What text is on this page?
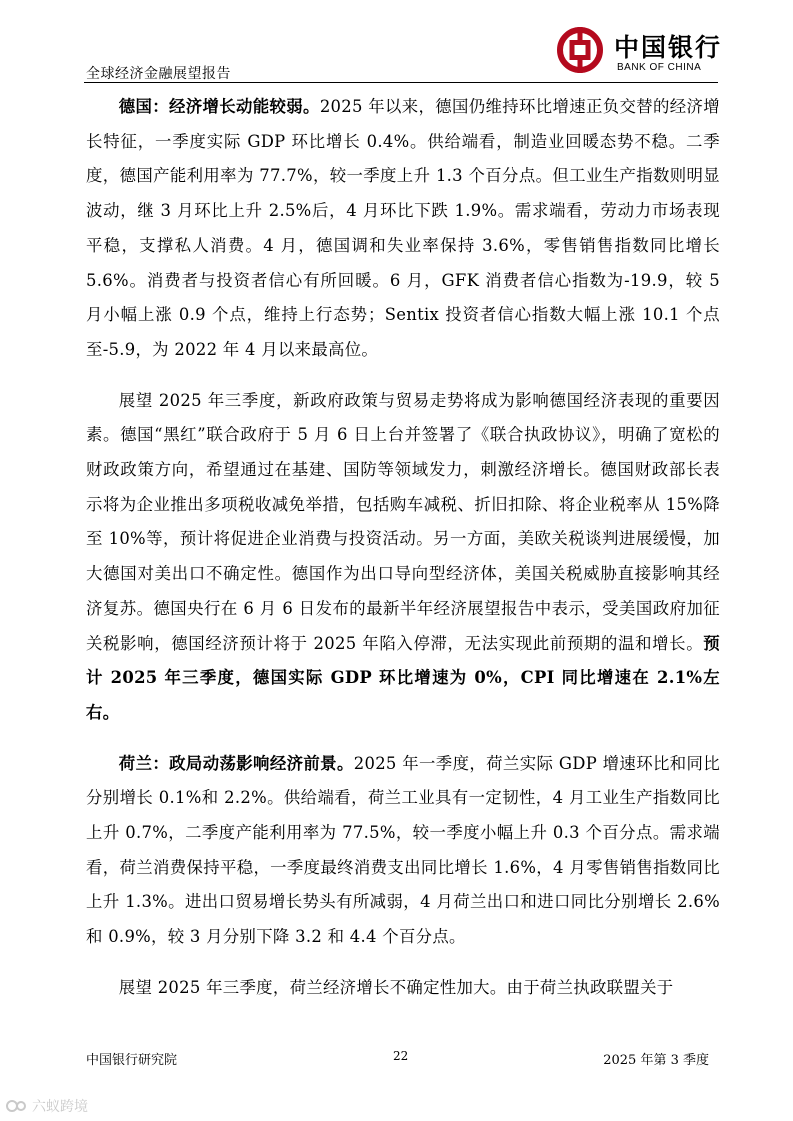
全球经济金融展望报告
中国银行
BANK OF CHINA

德国：经济增长动能较弱。2025 年以来，德国仍维持环比增速正负交替的经济增长特征，一季度实际 GDP 环比增长 0.4%。供给端看，制造业回暖态势不稳。二季度，德国产能利用率为 77.7%，较一季度上升 1.3 个百分点。但工业生产指数则明显波动，继 3 月环比上升 2.5%后，4 月环比下跌 1.9%。需求端看，劳动力市场表现平稳，支撑私人消费。4 月，德国调和失业率保持 3.6%，零售销售指数同比增长 5.6%。消费者与投资者信心有所回暖。6 月，GFK 消费者信心指数为-19.9，较 5 月小幅上涨 0.9 个点，维持上行态势；Sentix 投资者信心指数大幅上涨 10.1 个点至-5.9，为 2022 年 4 月以来最高位。

展望 2025 年三季度，新政府政策与贸易走势将成为影响德国经济表现的重要因素。德国“黑红”联合政府于 5 月 6 日上台并签署了《联合执政协议》，明确了宽松的财政政策方向，希望通过在基建、国防等领域发力，刺激经济增长。德国财政部长表示将为企业推出多项税收减免举措，包括购车减税、折旧扣除、将企业税率从 15%降至 10%等，预计将促进企业消费与投资活动。另一方面，美欧关税谈判进展缓慢，加大德国对美出口不确定性。德国作为出口导向型经济体，美国关税威胁直接影响其经济复苏。德国央行在 6 月 6 日发布的最新半年经济展望报告中表示，受美国政府加征关税影响，德国经济预计将于 2025 年陷入停滞，无法实现此前预期的温和增长。预计 2025 年三季度，德国实际 GDP 环比增速为 0%，CPI 同比增速在 2.1%左右。

荷兰：政局动荡影响经济前景。2025 年一季度，荷兰实际 GDP 增速环比和同比分别增长 0.1%和 2.2%。供给端看，荷兰工业具有一定韧性，4 月工业生产指数同比上升 0.7%，二季度产能利用率为 77.5%，较一季度小幅上升 0.3 个百分点。需求端看，荷兰消费保持平稳，一季度最终消费支出同比增长 1.6%，4 月零售销售指数同比上升 1.3%。进出口贸易增长势头有所减弱，4 月荷兰出口和进口同比分别增长 2.6%和 0.9%，较 3 月分别下降 3.2 和 4.4 个百分点。

展望 2025 年三季度，荷兰经济增长不确定性加大。由于荷兰执政联盟关于

中国银行研究院	22	2025 年第 3 季度
六蚁跨境
